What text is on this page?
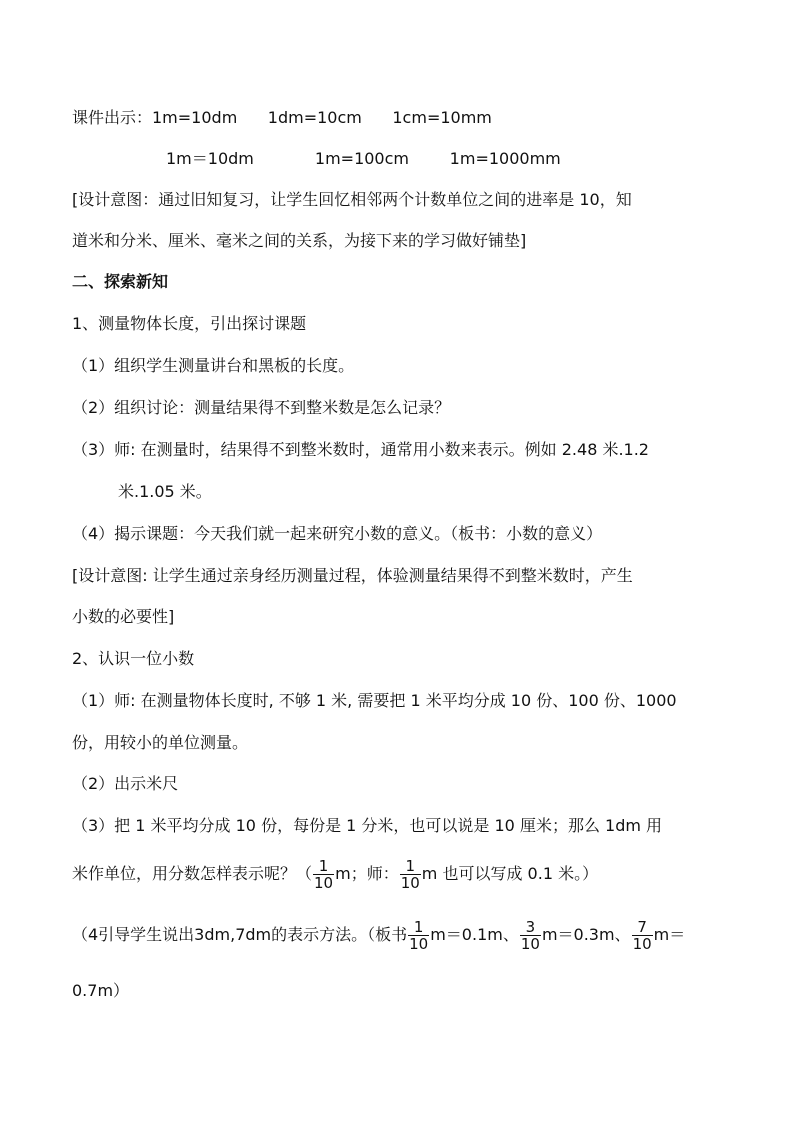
课件出示：1m=10dm      1dm=10cm      1cm=10mm
1m＝10dm            1m=100cm        1m=1000mm
[设计意图：通过旧知复习，让学生回忆相邻两个计数单位之间的进率是 10，知
道米和分米、厘米、毫米之间的关系，为接下来的学习做好铺垫]
二、探索新知
1、测量物体长度，引出探讨课题
（1）组织学生测量讲台和黑板的长度。
（2）组织讨论：测量结果得不到整米数是怎么记录？
（3）师: 在测量时，结果得不到整米数时，通常用小数来表示。例如 2.48 米.1.2
米.1.05 米。
（4）揭示课题：今天我们就一起来研究小数的意义。（板书：小数的意义）
[设计意图: 让学生通过亲身经历测量过程，体验测量结果得不到整米数时，产生
小数的必要性]
2、认识一位小数
（1）师: 在测量物体长度时, 不够 1 米, 需要把 1 米平均分成 10 份、100 份、1000
份，用较小的单位测量。
（2）出示米尺
（3）把 1 米平均分成 10 份，每份是 1 分米，也可以说是 10 厘米；那么 1dm 用
米作单位，用分数怎样表示呢？（ $\frac{1}{10}$ m；师： $\frac{1}{10}$ m 也可以写成 0.1 米。）
（4引导学生说出3dm,7dm的表示方法。（板书 $\frac{1}{10} m=0.1m$、 $\frac{3}{10} m=0.3m$、 $\frac{7}{10} m=$
0.7m）
